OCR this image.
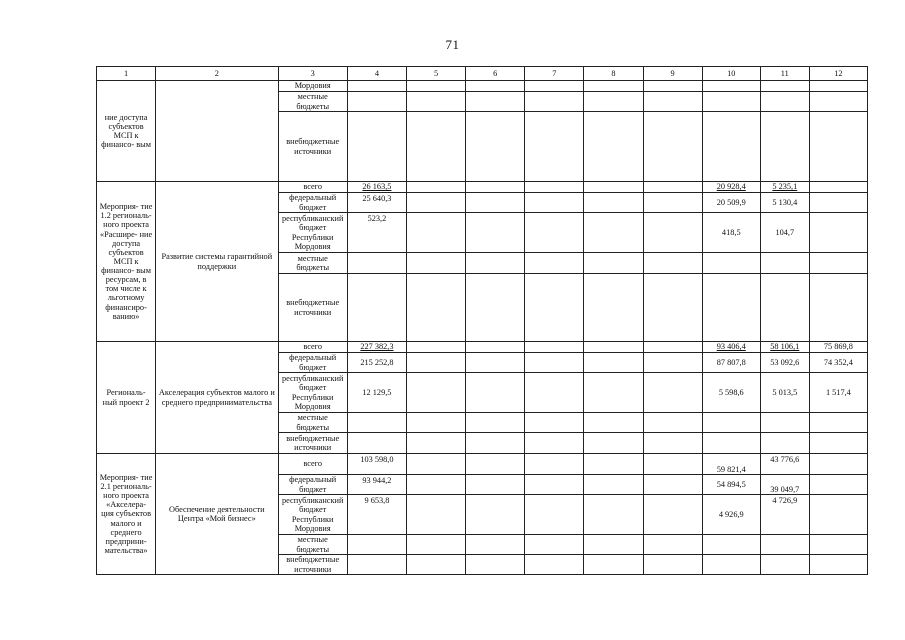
71
1	2	3	4	5	6	7	8	9	10	11	12
ние доступа субъектов МСП к финансо- вым		Мордовия									
		местные бюджеты									
		внебюджетные источники									
Мероприя- тие 1.2 региональ- ного проекта «Расшире- ние доступа субъектов МСП к финансо- вым ресурсам, в том числе к льготному финансиро- ванию»	Развитие системы гарантийной поддержки	всего	26 163,5						20 928,4	5 235,1	
		федеральный бюджет	25 640,3						20 509,9	5 130,4	
		республиканский бюджет Республики Мордовия	523,2						418,5	104,7	
		местные бюджеты									
		внебюджетные источники									
Региональ- ный проект 2	Акселерация субъектов малого и среднего предпринимательства	всего	227 382,3						93 406,4	58 106,1	75 869,8
		федеральный бюджет	215 252,8						87 807,8	53 092,6	74 352,4
		республиканский бюджет Республики Мордовия	12 129,5						5 598,6	5 013,5	1 517,4
		местные бюджеты									
		внебюджетные источники									
Мероприя- тие 2.1 региональ- ного проекта «Акселера- ция субъектов малого и среднего предприни- мательства»	Обеспечение деятельности Центра «Мой бизнес»	всего	103 598,0						59 821,4	43 776,6	
		федеральный бюджет	93 944,2						54 894,5	39 049,7	
		республиканский бюджет Республики Мордовия	9 653,8						4 926,9	4 726,9	
		местные бюджеты									
		внебюджетные источники									
